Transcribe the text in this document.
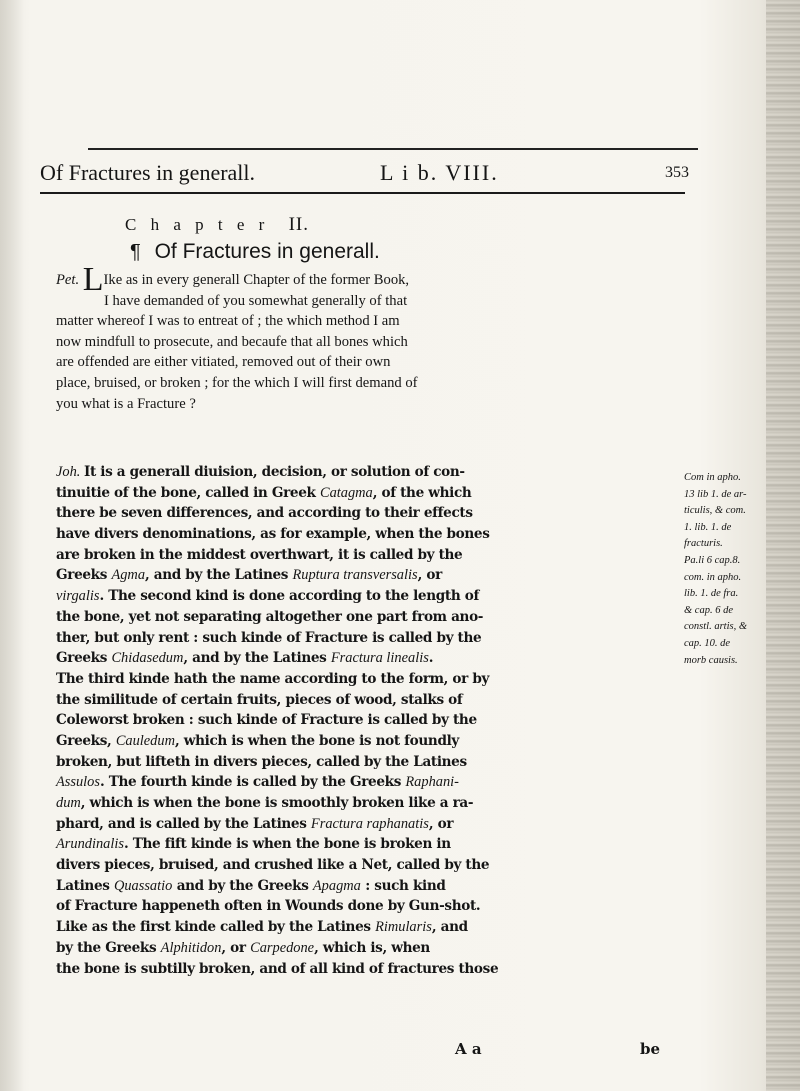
Of Fractures in generall.	L i b. VIII.	353
C h a p t e r II.
¶ Of Fractures in generall.
Pet. LIke as in every generall Chapter of the former Book,
I have demanded of you somewhat generally of that
matter whereof I was to entreat of ; the which method I am
now mindfull to prosecute, and becaufe that all bones which
are offended are either vitiated, removed out of their own
place, bruised, or broken ; for the which I will first demand of
you what is a Fracture ?
Joh. It is a generall diuision, decision, or solution of con-
tinuitie of the bone, called in Greek Catagma, of the which
there be seven differences, and according to their effects
have divers denominations, as for example, when the bones
are broken in the middest overthwart, it is called by the
Greeks Agma, and by the Latines Ruptura transversalis, or
virgalis. The second kind is done according to the length of
the bone, yet not separating altogether one part from ano-
ther, but only rent : such kinde of Fracture is called by the
Greeks Chidasedum, and by the Latines Fractura linealis.
The third kinde hath the name according to the form, or by
the similitude of certain fruits, pieces of wood, stalks of
Coleworst broken : such kinde of Fracture is called by the
Greeks, Cauledum, which is when the bone is not foundly
broken, but lifteth in divers pieces, called by the Latines
Assulos. The fourth kinde is called by the Greeks Raphani-
dum, which is when the bone is smoothly broken like a ra-
phard, and is called by the Latines Fractura raphanatis, or
Arundinalis. The fift kinde is when the bone is broken in
divers pieces, bruised, and crushed like a Net, called by the
Latines Quassatio and by the Greeks Apagma : such kind
of Fracture happeneth often in Wounds done by Gun-shot.
Like as the first kinde called by the Latines Rimularis, and
by the Greeks Alphitidon, or Carpedone, which is, when
the bone is subtilly broken, and of all kind of fractures those
Com in apho.
13 lib 1. de ar-
ticulis, & com.
1. lib. 1. de
fracturis.
Pa.li 6 cap.8.
com. in apho.
lib. 1. de fra.
& cap. 6 de
constl. artis, &
cap. 10. de
morb causis.
A a	be
